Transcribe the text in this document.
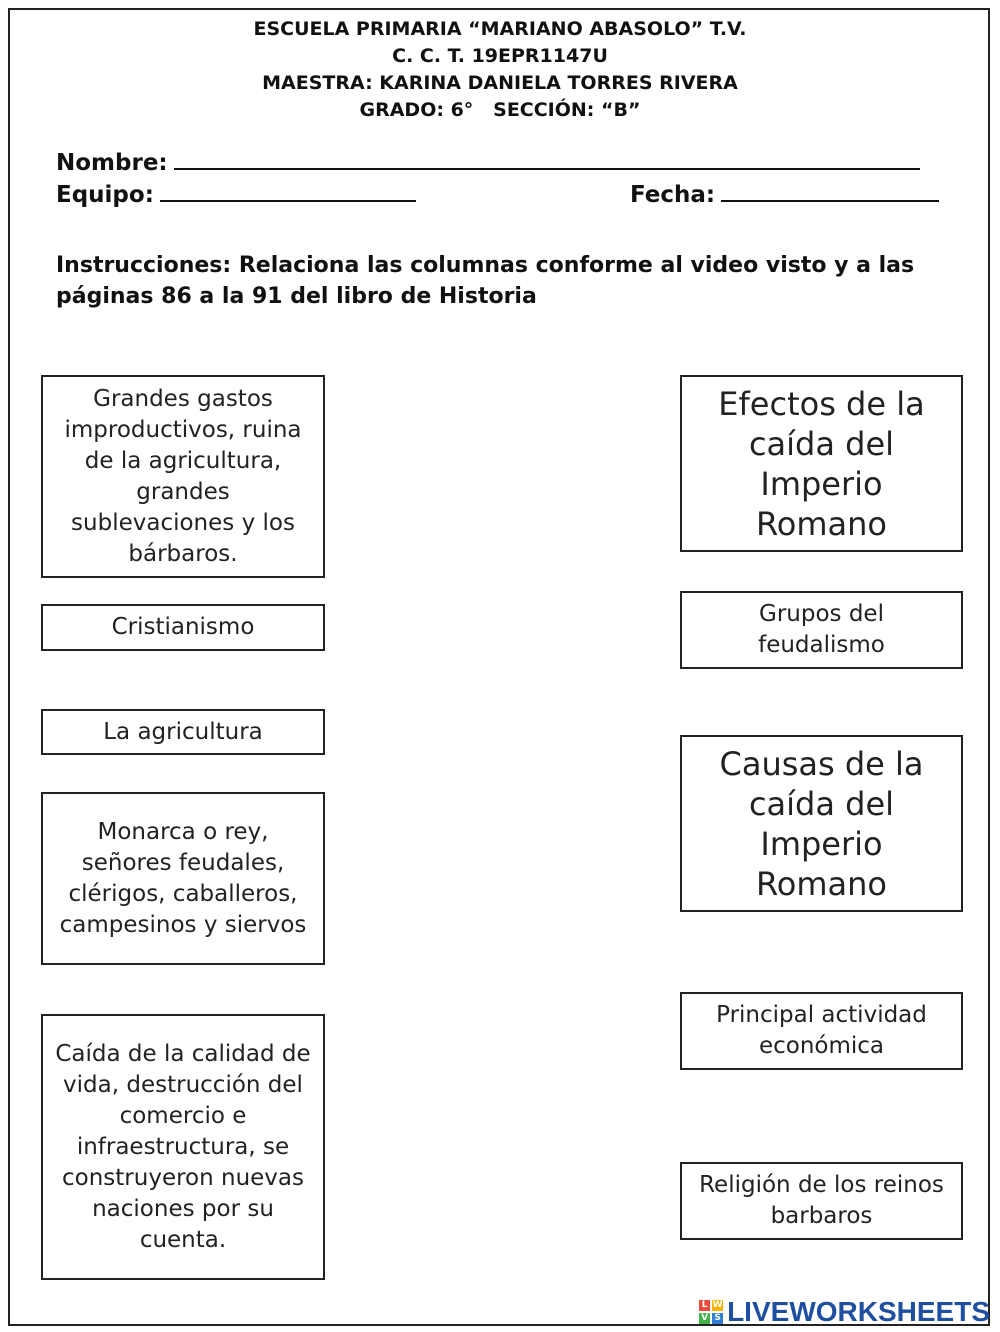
ESCUELA PRIMARIA “MARIANO ABASOLO” T.V.
C. C. T. 19EPR1147U
MAESTRA: KARINA DANIELA TORRES RIVERA
GRADO: 6°   SECCIÓN: “B”
Nombre:
Equipo:	Fecha:
Instrucciones: Relaciona las columnas conforme al video visto y a las páginas 86 a la 91 del libro de Historia
Grandes gastos improductivos, ruina de la agricultura, grandes sublevaciones y los bárbaros.
Cristianismo
La agricultura
Monarca o rey, señores feudales, clérigos, caballeros, campesinos y siervos
Caída de la calidad de vida, destrucción del comercio e infraestructura, se construyeron nuevas naciones por su cuenta.
Efectos de la caída del Imperio Romano
Grupos del feudalismo
Causas de la caída del Imperio Romano
Principal actividad económica
Religión de los reinos barbaros
L W
V S LIVEWORKSHEETS
